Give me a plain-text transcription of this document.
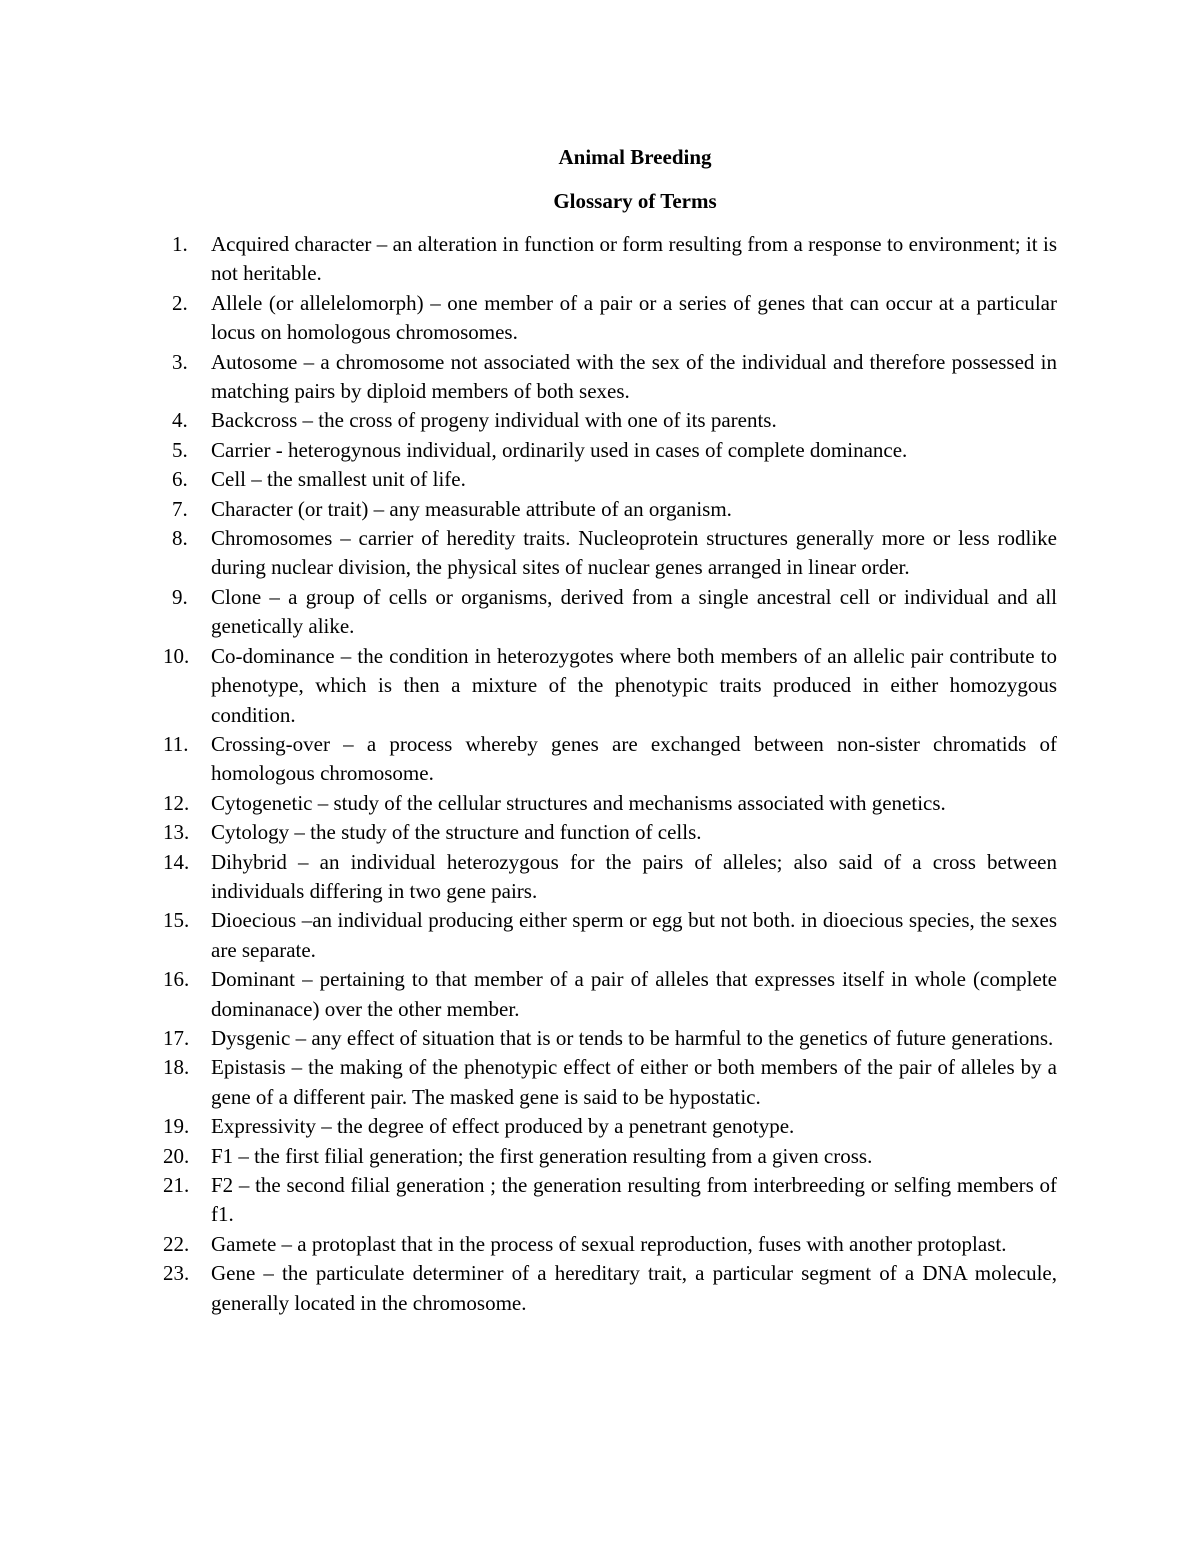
Animal Breeding
Glossary of Terms
1. Acquired character – an alteration in function or form resulting from a response to environment; it is not heritable.
2. Allele (or allelelomorph) – one member of a pair or a series of genes that can occur at a particular locus on homologous chromosomes.
3. Autosome – a chromosome not associated with the sex of the individual and therefore possessed in matching pairs by diploid members of both sexes.
4. Backcross – the cross of progeny individual with one of its parents.
5. Carrier - heterogynous individual, ordinarily used in cases of complete dominance.
6. Cell – the smallest unit of life.
7. Character (or trait) – any measurable attribute of an organism.
8. Chromosomes – carrier of heredity traits. Nucleoprotein structures generally more or less rodlike during nuclear division, the physical sites of nuclear genes arranged in linear order.
9. Clone – a group of cells or organisms, derived from a single ancestral cell or individual and all genetically alike.
10. Co-dominance – the condition in heterozygotes where both members of an allelic pair contribute to phenotype, which is then a mixture of the phenotypic traits produced in either homozygous condition.
11. Crossing-over – a process whereby genes are exchanged between non-sister chromatids of homologous chromosome.
12. Cytogenetic – study of the cellular structures and mechanisms associated with genetics.
13. Cytology – the study of the structure and function of cells.
14. Dihybrid – an individual heterozygous for the pairs of alleles; also said of a cross between individuals differing in two gene pairs.
15. Dioecious –an individual producing either sperm or egg but not both. in dioecious species, the sexes are separate.
16. Dominant – pertaining to that member of a pair of alleles that expresses itself in whole (complete dominanace) over the other member.
17. Dysgenic – any effect of situation that is or tends to be harmful to the genetics of future generations.
18. Epistasis – the making of the phenotypic effect of either or both members of the pair of alleles by a gene of a different pair. The masked gene is said to be hypostatic.
19. Expressivity – the degree of effect produced by a penetrant genotype.
20. F1 – the first filial generation; the first generation resulting from a given cross.
21. F2 – the second filial generation ; the generation resulting from interbreeding or selfing members of f1.
22. Gamete – a protoplast that in the process of sexual reproduction, fuses with another protoplast.
23. Gene – the particulate determiner of a hereditary trait, a particular segment of a DNA molecule, generally located in the chromosome.
